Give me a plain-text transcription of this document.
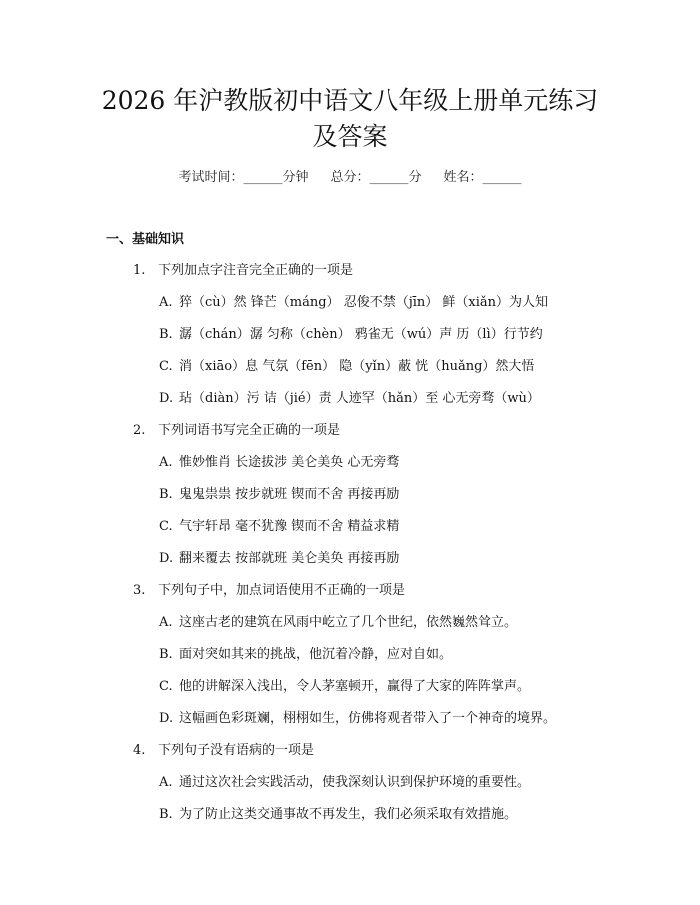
2026 年沪教版初中语文八年级上册单元练习
及答案
考试时间：______分钟 总分：______分 姓名：______
一、基础知识
1. 下列加点字注音完全正确的一项是
A. 猝（cù）然 锋芒（máng） 忍俊不禁（jīn） 鲜（xiǎn）为人知
B. 潺（chán）潺 匀称（chèn） 鸦雀无（wú）声 历（lì）行节约
C. 消（xiāo）息 气氛（fēn） 隐（yǐn）蔽 恍（huǎng）然大悟
D. 玷（diàn）污 诘（jié）责 人迹罕（hǎn）至 心无旁骛（wù）
2. 下列词语书写完全正确的一项是
A. 惟妙惟肖 长途拔涉 美仑美奂 心无旁骛
B. 鬼鬼祟祟 按步就班 锲而不舍 再接再励
C. 气宇轩昂 毫不犹豫 锲而不舍 精益求精
D. 翻来覆去 按部就班 美仑美奂 再接再励
3. 下列句子中，加点词语使用不正确的一项是
A. 这座古老的建筑在风雨中屹立了几个世纪，依然巍然耸立。
B. 面对突如其来的挑战，他沉着冷静，应对自如。
C. 他的讲解深入浅出，令人茅塞顿开，赢得了大家的阵阵掌声。
D. 这幅画色彩斑斓，栩栩如生，仿佛将观者带入了一个神奇的境界。
4. 下列句子没有语病的一项是
A. 通过这次社会实践活动，使我深刻认识到保护环境的重要性。
B. 为了防止这类交通事故不再发生，我们必须采取有效措施。
